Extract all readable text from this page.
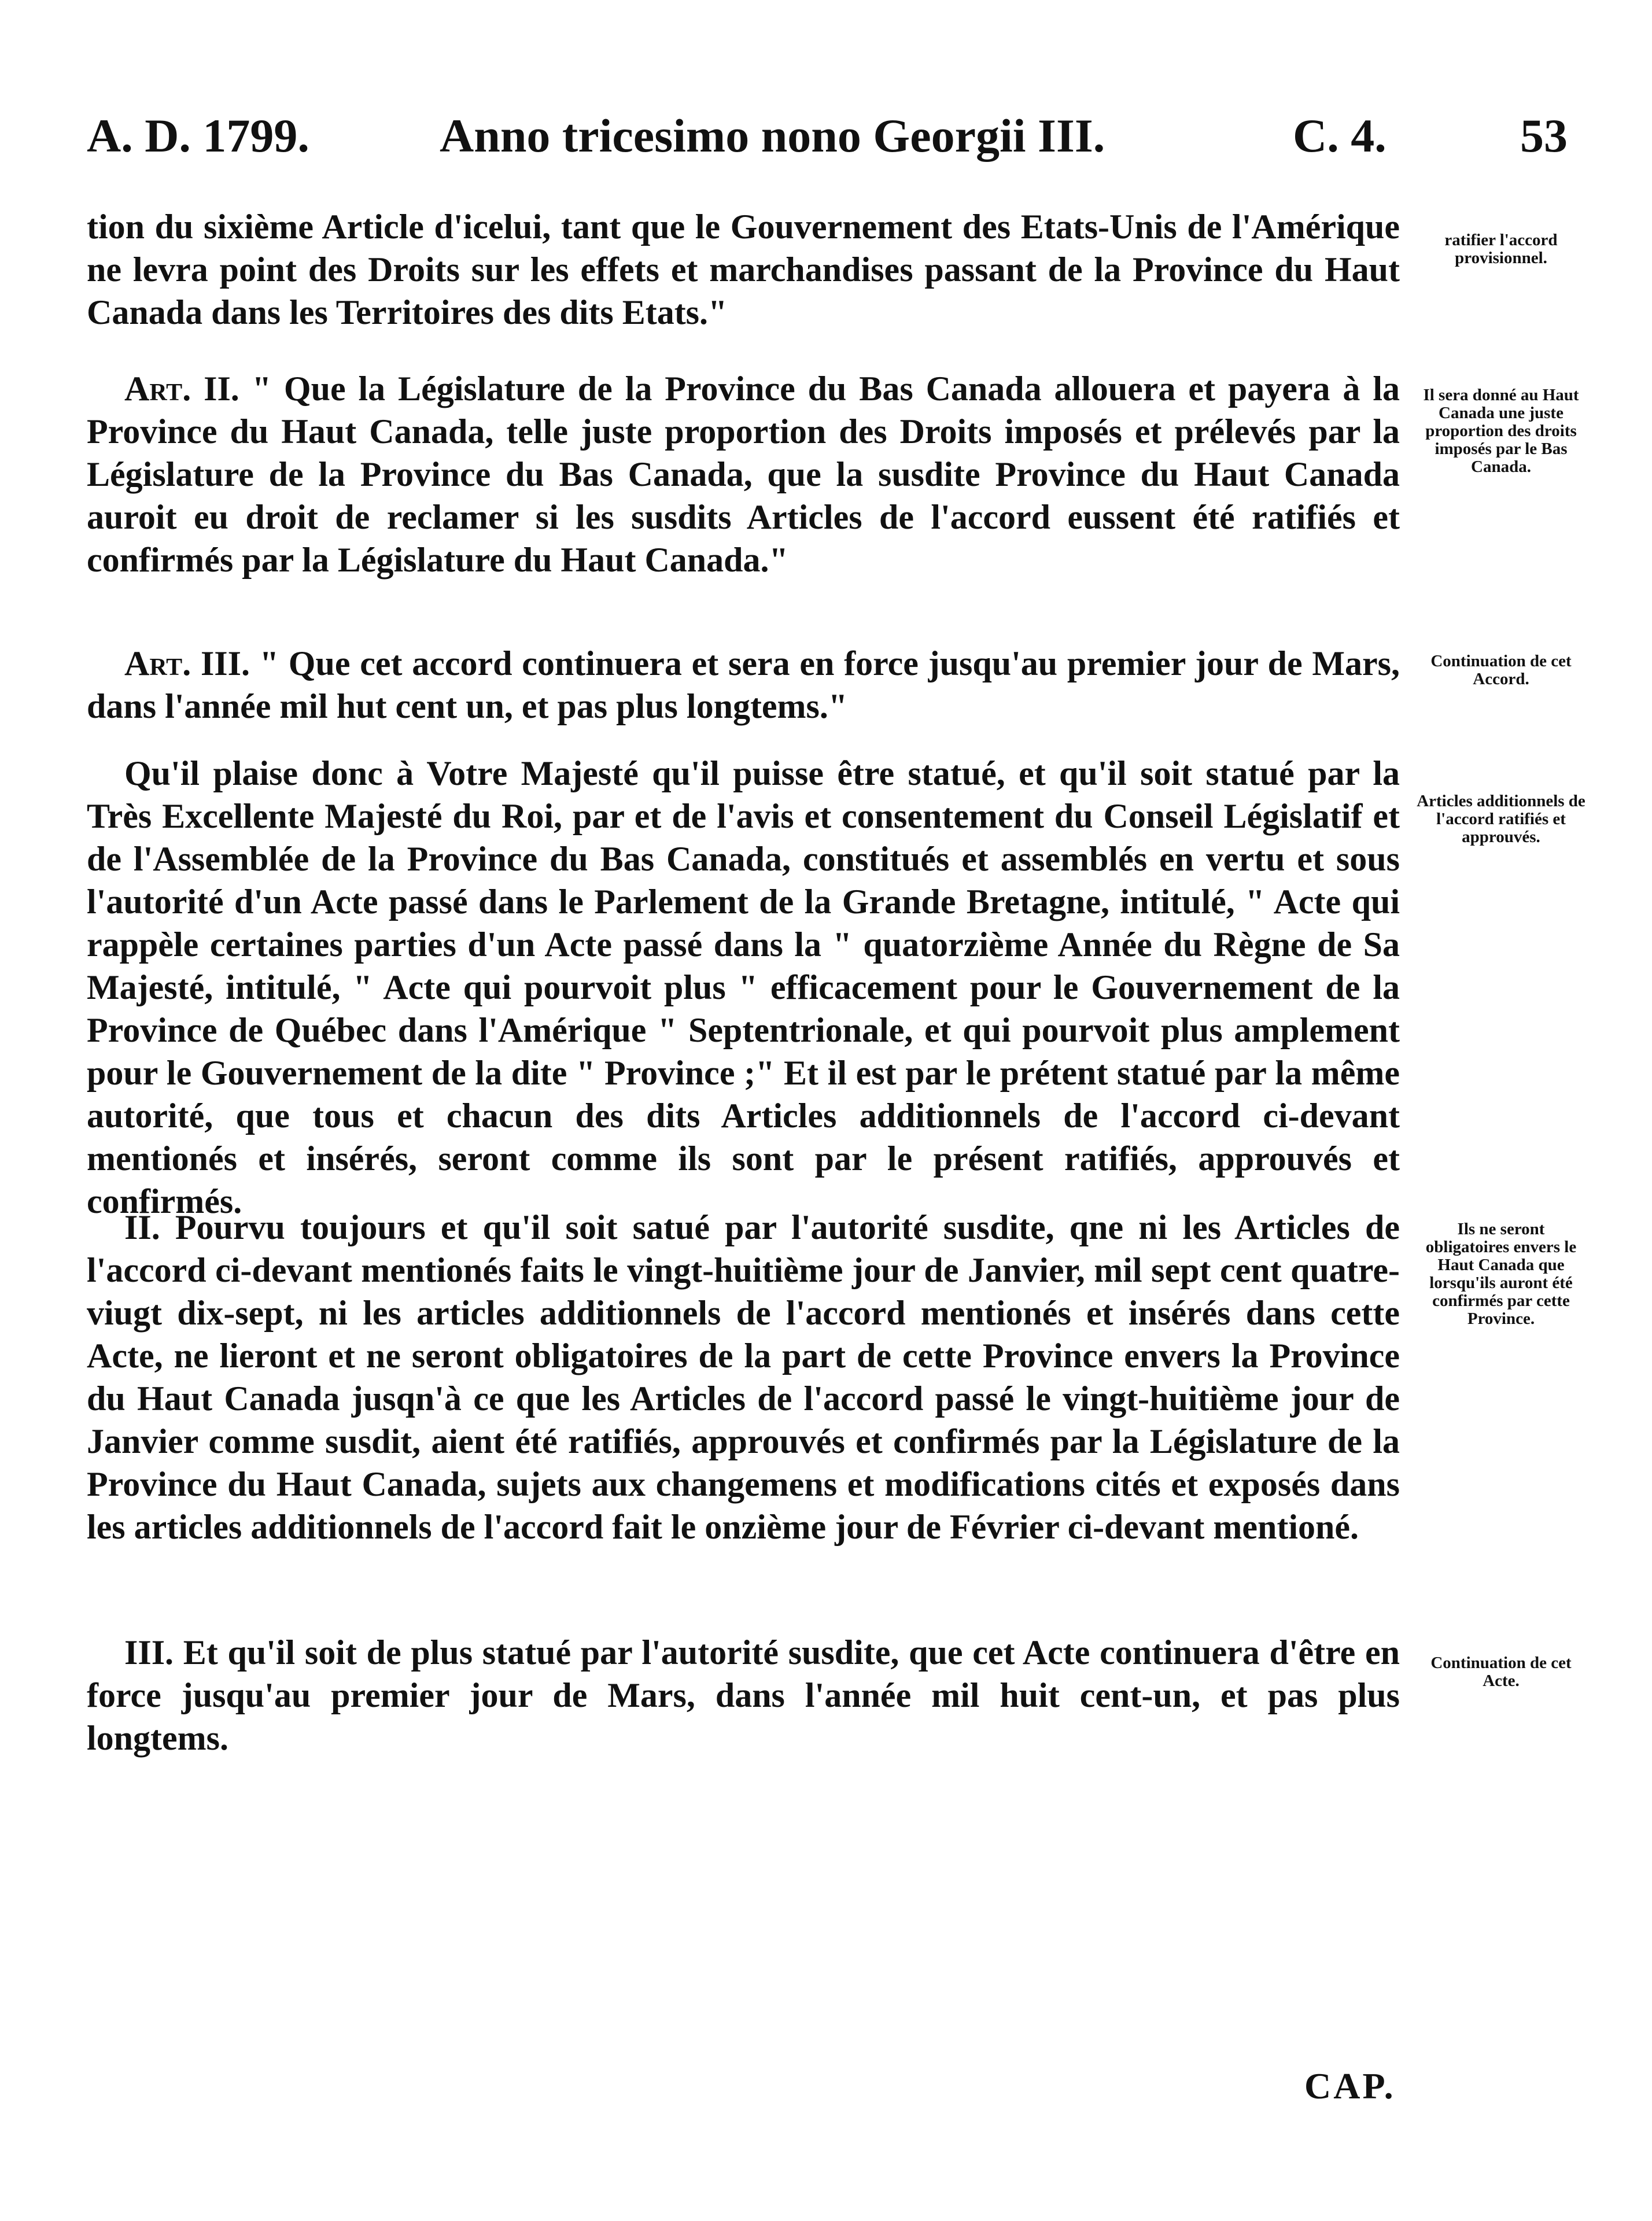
A. D. 1799.	Anno tricesimo nono Georgii III.	C. 4.	53

tion du sixième Article d'icelui, tant que le Gouvernement des Etats-Unis de l'Amérique ne levra point des Droits sur les effets et marchandises passant de la Province du Haut Canada dans les Territoires des dits Etats."

ratifier l'accord provisionnel.

Art. II. " Que la Législature de la Province du Bas Canada allouera et payera à la Province du Haut Canada, telle juste proportion des Droits imposés et prélevés par la Législature de la Province du Bas Canada, que la susdite Province du Haut Canada auroit eu droit de reclamer si les susdits Articles de l'accord eussent été ratifiés et confirmés par la Législature du Haut Canada."

Il sera donné au Haut Canada une juste proportion des droits imposés par le Bas Canada.

Art. III. " Que cet accord continuera et sera en force jusqu'au premier jour de Mars, dans l'année mil hut cent un, et pas plus longtems."

Continuation de cet Accord.

Qu'il plaise donc à Votre Majesté qu'il puisse être statué, et qu'il soit statué par la Très Excellente Majesté du Roi, par et de l'avis et consentement du Conseil Législatif et de l'Assemblée de la Province du Bas Canada, constitués et assemblés en vertu et sous l'autorité d'un Acte passé dans le Parlement de la Grande Bretagne, intitulé, " Acte qui rappèle certaines parties d'un Acte passé dans la " quatorzième Année du Règne de Sa Majesté, intitulé, " Acte qui pourvoit plus " efficacement pour le Gouvernement de la Province de Québec dans l'Amérique " Septentrionale, et qui pourvoit plus amplement pour le Gouvernement de la dite " Province ;" Et il est par le prétent statué par la même autorité, que tous et chacun des dits Articles additionnels de l'accord ci-devant mentionés et insérés, seront comme ils sont par le présent ratifiés, approuvés et confirmés.

Articles additionnels de l'accord ratifiés et approuvés.

II. Pourvu toujours et qu'il soit satué par l'autorité susdite, qne ni les Articles de l'accord ci-devant mentionés faits le vingt-huitième jour de Janvier, mil sept cent quatre-viugt dix-sept, ni les articles additionnels de l'accord mentionés et insérés dans cette Acte, ne lieront et ne seront obligatoires de la part de cette Province envers la Province du Haut Canada jusqn'à ce que les Articles de l'accord passé le vingt-huitième jour de Janvier comme susdit, aient été ratifiés, approuvés et confirmés par la Législature de la Province du Haut Canada, sujets aux changemens et modifications cités et exposés dans les articles additionnels de l'accord fait le onzième jour de Février ci-devant mentioné.

Ils ne seront obligatoires envers le Haut Canada que lorsqu'ils auront été confirmés par cette Province.

III. Et qu'il soit de plus statué par l'autorité susdite, que cet Acte continuera d'être en force jusqu'au premier jour de Mars, dans l'année mil huit cent-un, et pas plus longtems.

Continuation de cet Acte.
CAP.
